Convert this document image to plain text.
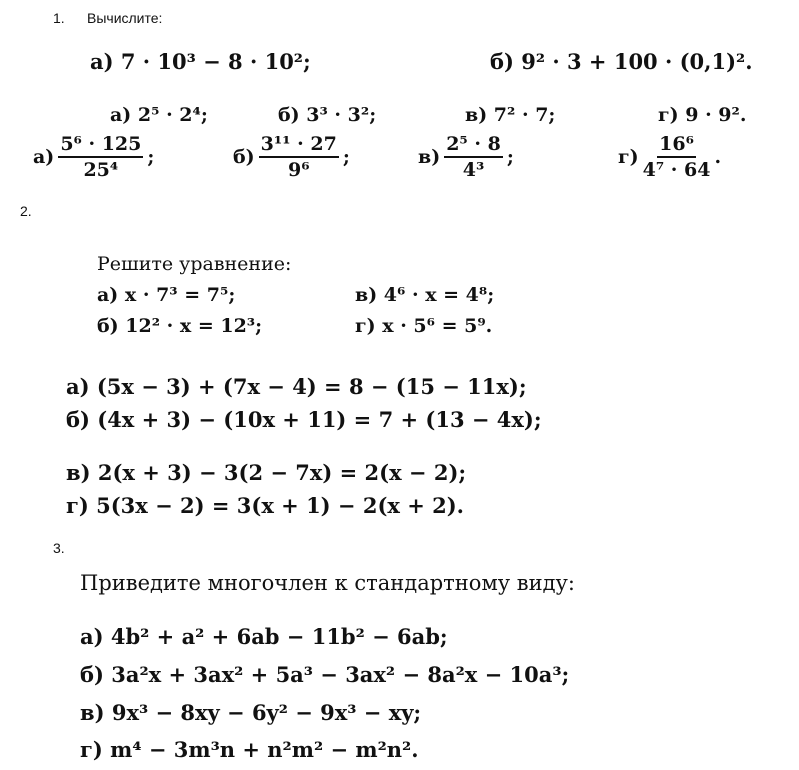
1. Вычислите:
а) 7 · 10³ − 8 · 10²;	б) 9² · 3 + 100 · (0,1)².
а) 2⁵ · 2⁴;	б) 3³ · 3²;	в) 7² · 7;	г) 9 · 9².
$а) \frac{\text{5⁶ · 125}}{\text{25⁴}}$ ;	$б) \frac{\text{3¹¹ · 27}}{\text{9⁶}}$ ;	$в) \frac{\text{2⁵ · 8}}{\text{4³}}$ ;	$г) \frac{\text{16⁶}}{\text{4⁷ · 64}}$ .
2.
Решите уравнение:
а) x · 7³ = 7⁵;	в) 4⁶ · x = 4⁸;
б) 12² · x = 12³;	г) x · 5⁶ = 5⁹.
а) (5x − 3) + (7x − 4) = 8 − (15 − 11x);
б) (4x + 3) − (10x + 11) = 7 + (13 − 4x);
в) 2(x + 3) − 3(2 − 7x) = 2(x − 2);
г) 5(3x − 2) = 3(x + 1) − 2(x + 2).
3.
Приведите многочлен к стандартному виду:
а) 4b² + a² + 6ab − 11b² − 6ab;
б) 3a²x + 3ax² + 5a³ − 3ax² − 8a²x − 10a³;
в) 9x³ − 8xy − 6y² − 9x³ − xy;
г) m⁴ − 3m³n + n²m² − m²n².
